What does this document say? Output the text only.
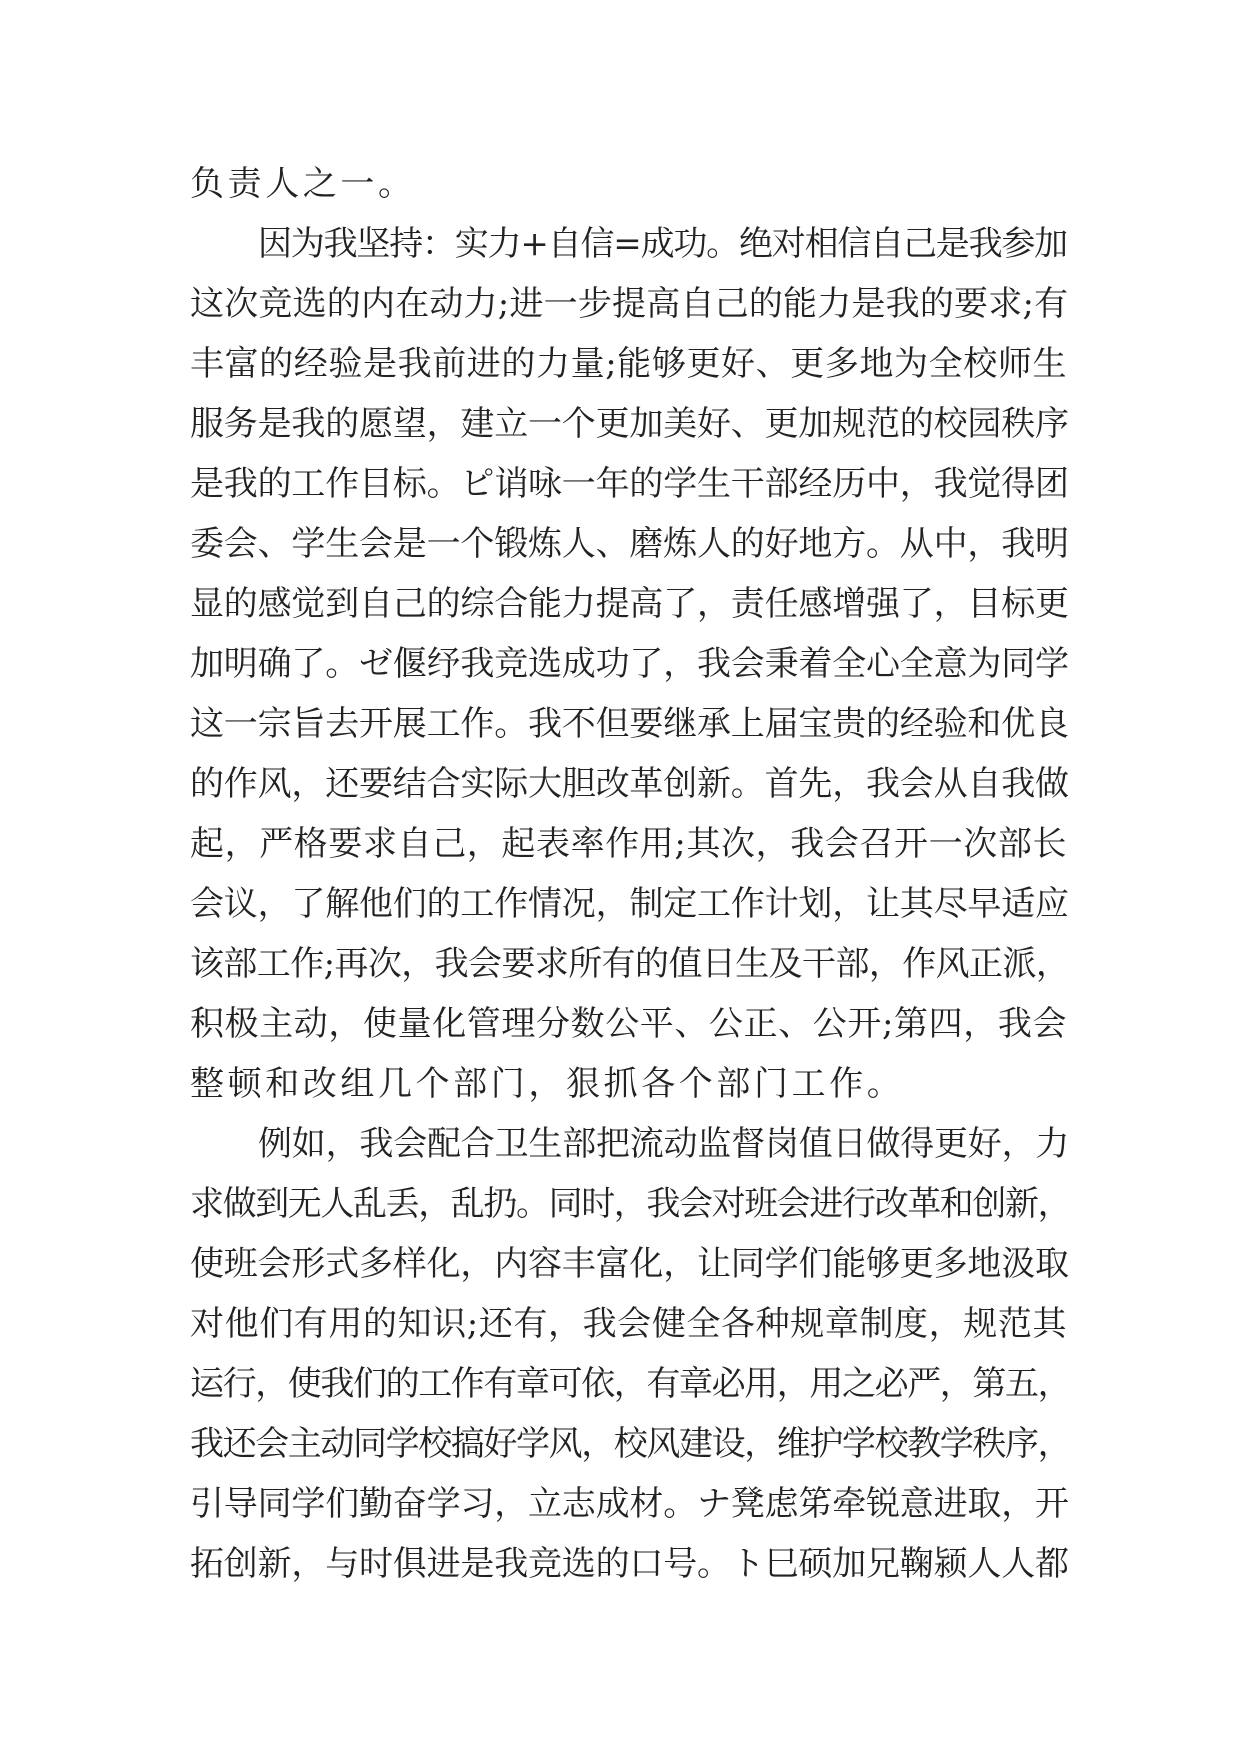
负责人之一。
因为我坚持：实力+自信=成功。绝对相信自己是我参加
这次竞选的内在动力;进一步提高自己的能力是我的要求;有
丰富的经验是我前进的力量;能够更好、更多地为全校师生
服务是我的愿望，建立一个更加美好、更加规范的校园秩序
是我的工作目标。ピ诮咏一年的学生干部经历中，我觉得团
委会、学生会是一个锻炼人、磨炼人的好地方。从中，我明
显的感觉到自己的综合能力提高了，责任感增强了，目标更
加明确了。ゼ偃纾我竞选成功了，我会秉着全心全意为同学
这一宗旨去开展工作。我不但要继承上届宝贵的经验和优良
的作风，还要结合实际大胆改革创新。首先，我会从自我做
起，严格要求自己，起表率作用;其次，我会召开一次部长
会议，了解他们的工作情况，制定工作计划，让其尽早适应
该部工作;再次，我会要求所有的值日生及干部，作风正派，
积极主动，使量化管理分数公平、公正、公开;第四，我会
整顿和改组几个部门，狠抓各个部门工作。
例如，我会配合卫生部把流动监督岗值日做得更好，力
求做到无人乱丢，乱扔。同时，我会对班会进行改革和创新，
使班会形式多样化，内容丰富化，让同学们能够更多地汲取
对他们有用的知识;还有，我会健全各种规章制度，规范其
运行，使我们的工作有章可依，有章必用，用之必严，第五，
我还会主动同学校搞好学风，校风建设，维护学校教学秩序，
引导同学们勤奋学习，立志成材。ナ凳虑笫牵锐意进取，开
拓创新，与时俱进是我竞选的口号。ト巳硕加兄鞠颍人人都
